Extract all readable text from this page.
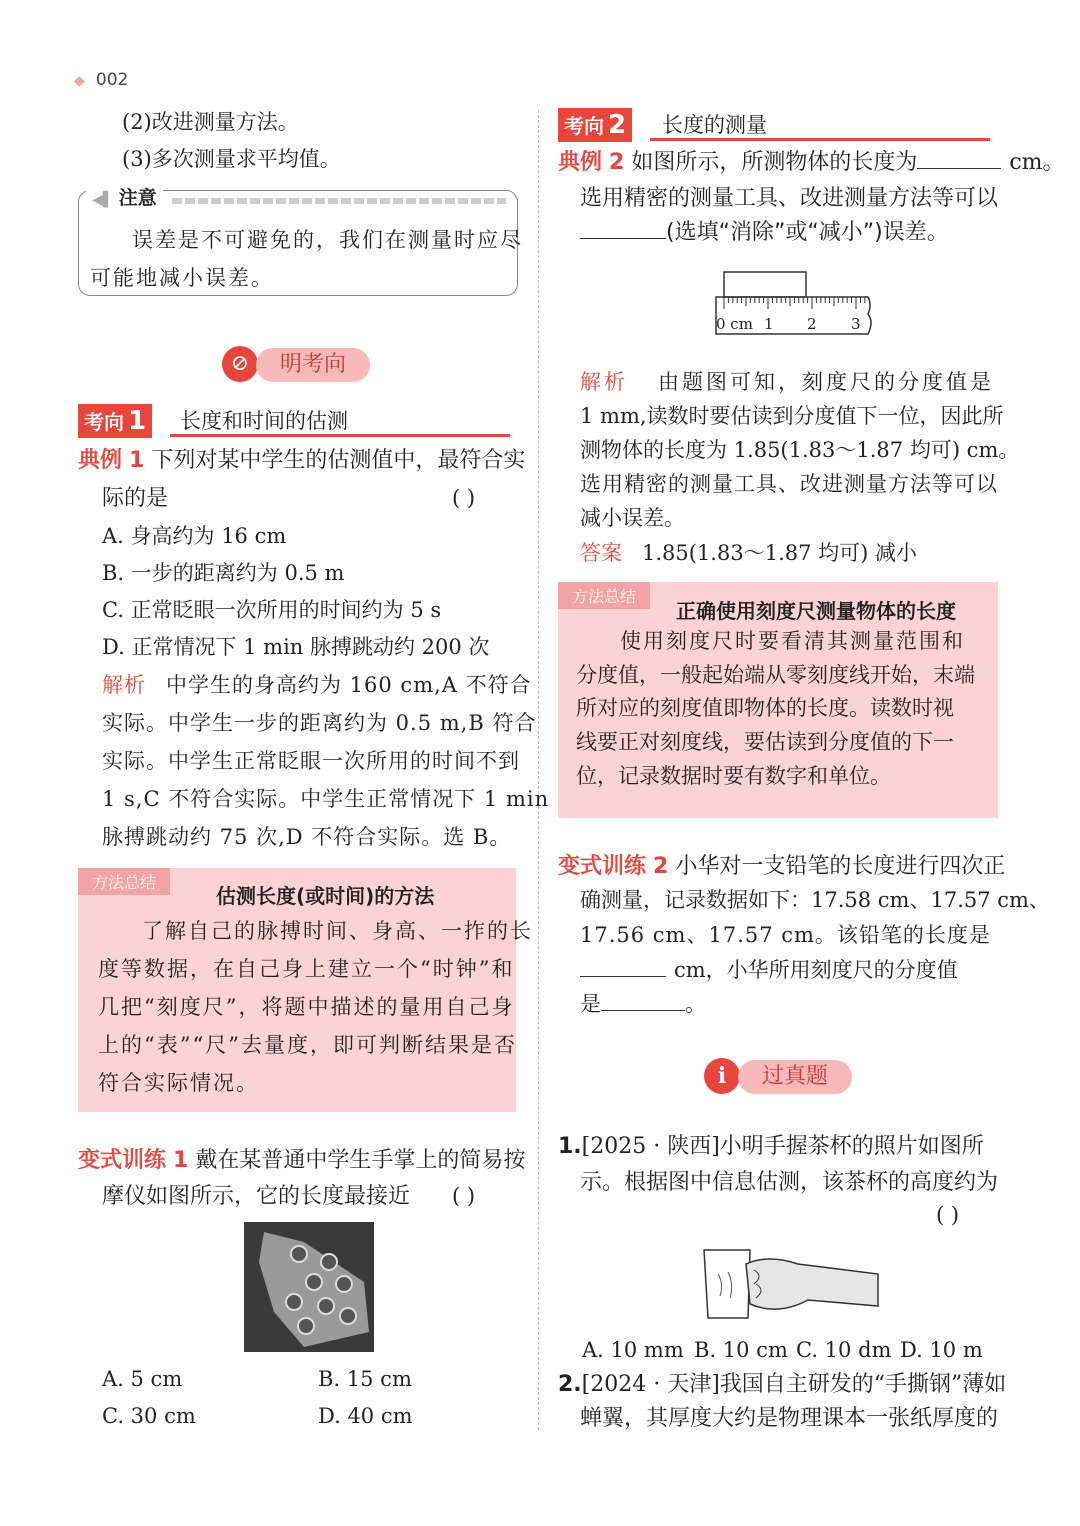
◆ 002
(2)改进测量方法。
(3)多次测量求平均值。
◀▌ 注意
误差是不可避免的，我们在测量时应尽
可能地减小误差。
⊘	明考向
考向 1 长度和时间的估测
典例 1 下列对某中学生的估测值中，最符合实
际的是	( )
A. 身高约为 16 cm
B. 一步的距离约为 0.5 m
C. 正常眨眼一次所用的时间约为 5 s
D. 正常情况下 1 min 脉搏跳动约 200 次
解析 中学生的身高约为 160 cm,A 不符合
实际。中学生一步的距离约为 0.5 m,B 符合
实际。中学生正常眨眼一次所用的时间不到
1 s,C 不符合实际。中学生正常情况下 1 min
脉搏跳动约 75 次,D 不符合实际。选 B。
方法总结
估测长度(或时间)的方法
了解自己的脉搏时间、身高、一拃的长
度等数据，在自己身上建立一个“时钟”和
几把“刻度尺”，将题中描述的量用自己身
上的“表”“尺”去量度，即可判断结果是否
符合实际情况。
变式训练 1 戴在某普通中学生手掌上的简易按
摩仪如图所示，它的长度最接近 ( )
A. 5 cm	B. 15 cm
C. 30 cm	D. 40 cm
考向 2 长度的测量
典例 2 如图所示，所测物体的长度为	cm。
选用精密的测量工具、改进测量方法等可以
(选填“消除”或“减小”)误差。
0 cm 1 2 3
解析 由题图可知，刻度尺的分度值是
1 mm,读数时要估读到分度值下一位，因此所
测物体的长度为 1.85(1.83～1.87 均可) cm。
选用精密的测量工具、改进测量方法等可以
减小误差。
答案 1.85(1.83～1.87 均可) 减小
方法总结
正确使用刻度尺测量物体的长度
使用刻度尺时要看清其测量范围和
分度值，一般起始端从零刻度线开始，末端
所对应的刻度值即物体的长度。读数时视
线要正对刻度线，要估读到分度值的下一
位，记录数据时要有数字和单位。
变式训练 2 小华对一支铅笔的长度进行四次正
确测量，记录数据如下：17.58 cm、17.57 cm、
17.56 cm、17.57 cm。该铅笔的长度是
cm，小华所用刻度尺的分度值
是	。
i	过真题
1.[2025 · 陕西]小明手握茶杯的照片如图所
示。根据图中信息估测，该茶杯的高度约为
( )
A. 10 mm B. 10 cm C. 10 dm D. 10 m
2.[2024 · 天津]我国自主研发的“手撕钢”薄如
蝉翼，其厚度大约是物理课本一张纸厚度的
